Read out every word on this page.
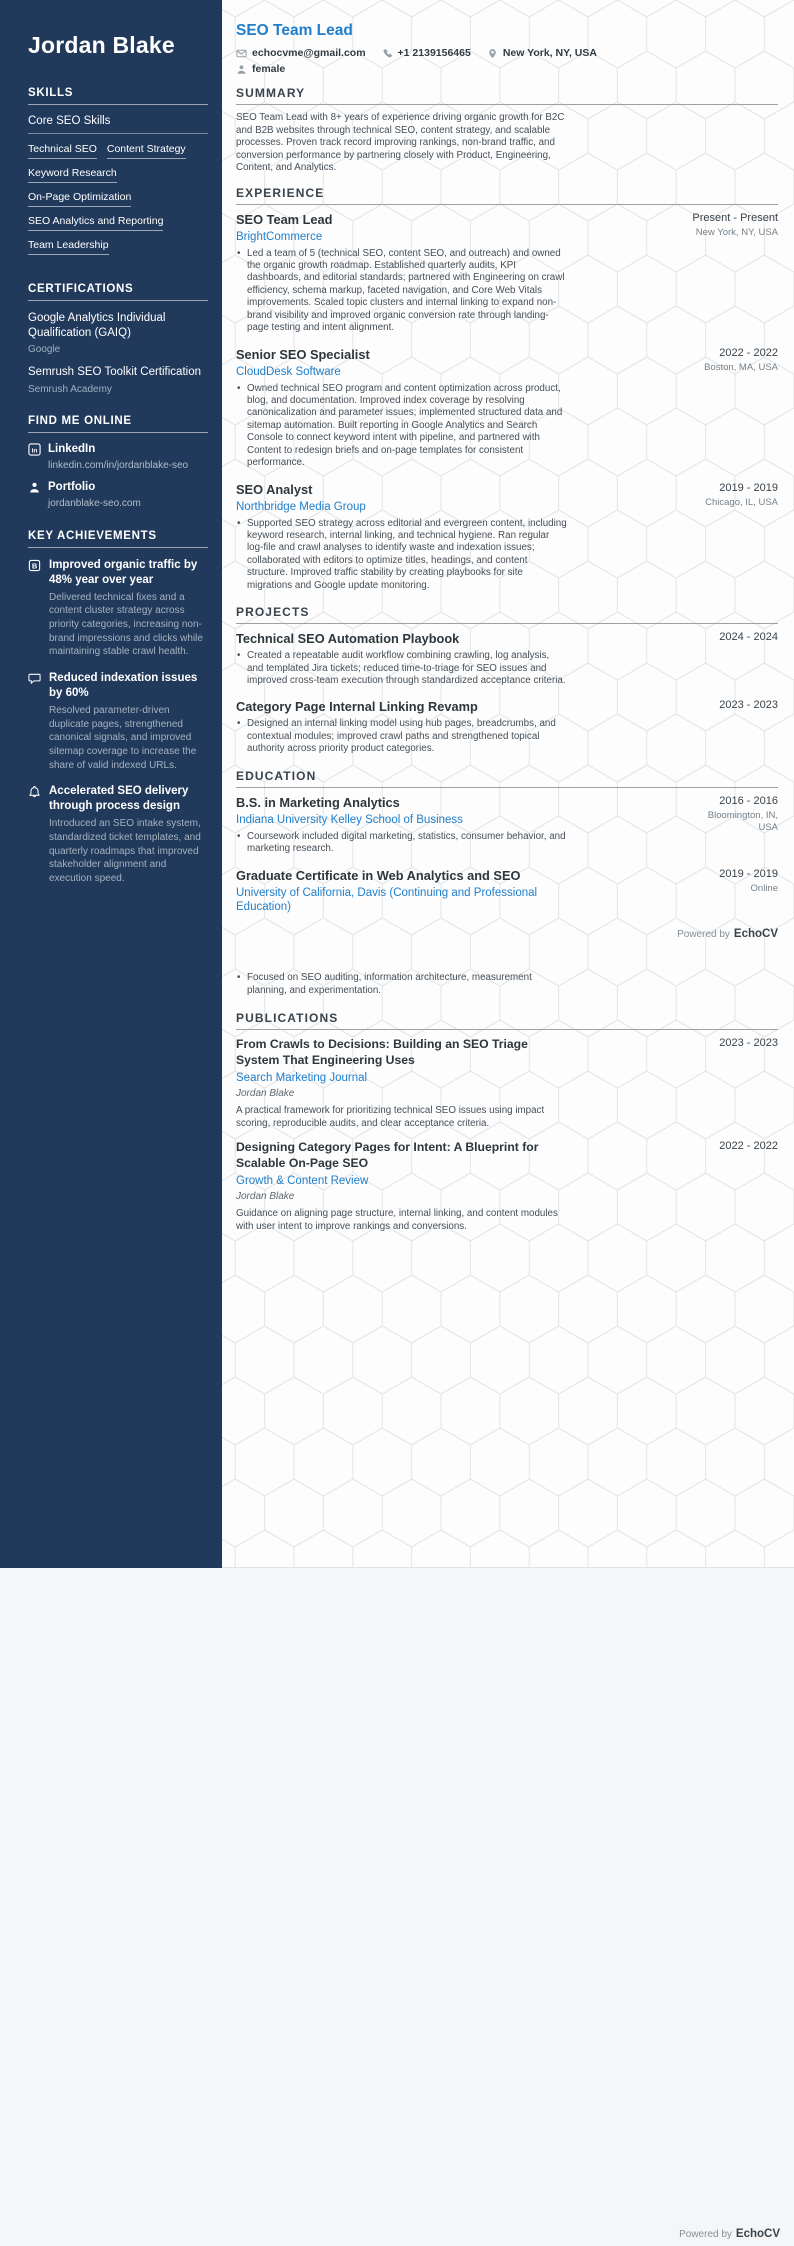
Jordan Blake
SKILLS
Core SEO Skills
Technical SEO Content Strategy
Keyword Research
On-Page Optimization
SEO Analytics and Reporting
Team Leadership
CERTIFICATIONS
Google Analytics Individual Qualification (GAIQ)
Google
Semrush SEO Toolkit Certification
Semrush Academy
FIND ME ONLINE
in LinkedIn
linkedin.com/in/jordanblake-seo
Portfolio
jordanblake-seo.com
KEY ACHIEVEMENTS
B Improved organic traffic by 48% year over year
Delivered technical fixes and a content cluster strategy across priority categories, increasing non-brand impressions and clicks while maintaining stable crawl health.
Reduced indexation issues by 60%
Resolved parameter-driven duplicate pages, strengthened canonical signals, and improved sitemap coverage to increase the share of valid indexed URLs.
Accelerated SEO delivery through process design
Introduced an SEO intake system, standardized ticket templates, and quarterly roadmaps that improved stakeholder alignment and execution speed.
SEO Team Lead
echocvme@gmail.com	+1 2139156465	New York, NY, USA
female
SUMMARY

SEO Team Lead with 8+ years of experience driving organic growth for B2C and B2B websites through technical SEO, content strategy, and scalable processes. Proven track record improving rankings, non-brand traffic, and conversion performance by partnering closely with Product, Engineering, Content, and Analytics.

EXPERIENCE
SEO Team Lead
BrightCommerce
• Led a team of 5 (technical SEO, content SEO, and outreach) and owned the organic growth roadmap. Established quarterly audits, KPI dashboards, and editorial standards; partnered with Engineering on crawl efficiency, schema markup, faceted navigation, and Core Web Vitals improvements. Scaled topic clusters and internal linking to expand non-brand visibility and improved organic conversion rate through landing-page testing and intent alignment.
Present - Present
New York, NY, USA
Senior SEO Specialist
CloudDesk Software
• Owned technical SEO program and content optimization across product, blog, and documentation. Improved index coverage by resolving canonicalization and parameter issues; implemented structured data and sitemap automation. Built reporting in Google Analytics and Search Console to connect keyword intent with pipeline, and partnered with Content to redesign briefs and on-page templates for consistent performance.
2022 - 2022
Boston, MA, USA
SEO Analyst
Northbridge Media Group
• Supported SEO strategy across editorial and evergreen content, including keyword research, internal linking, and technical hygiene. Ran regular log-file and crawl analyses to identify waste and indexation issues; collaborated with editors to optimize titles, headings, and content structure. Improved traffic stability by creating playbooks for site migrations and Google update monitoring.
2019 - 2019
Chicago, IL, USA
PROJECTS
Technical SEO Automation Playbook
• Created a repeatable audit workflow combining crawling, log analysis, and templated Jira tickets; reduced time-to-triage for SEO issues and improved cross-team execution through standardized acceptance criteria.
2024 - 2024
Category Page Internal Linking Revamp
• Designed an internal linking model using hub pages, breadcrumbs, and contextual modules; improved crawl paths and strengthened topical authority across priority product categories.
2023 - 2023
EDUCATION
B.S. in Marketing Analytics
Indiana University Kelley School of Business
• Coursework included digital marketing, statistics, consumer behavior, and marketing research.
2016 - 2016
Bloomington, IN, USA
Graduate Certificate in Web Analytics and SEO
University of California, Davis (Continuing and Professional Education)
2019 - 2019
Online
Powered by EchoCV
• Focused on SEO auditing, information architecture, measurement planning, and experimentation.
PUBLICATIONS
From Crawls to Decisions: Building an SEO Triage System That Engineering Uses
Search Marketing Journal
Jordan Blake

A practical framework for prioritizing technical SEO issues using impact scoring, reproducible audits, and clear acceptance criteria.

2023 - 2023
Designing Category Pages for Intent: A Blueprint for Scalable On-Page SEO
Growth & Content Review
Jordan Blake

Guidance on aligning page structure, internal linking, and content modules with user intent to improve rankings and conversions.

2022 - 2022
Powered by EchoCV
